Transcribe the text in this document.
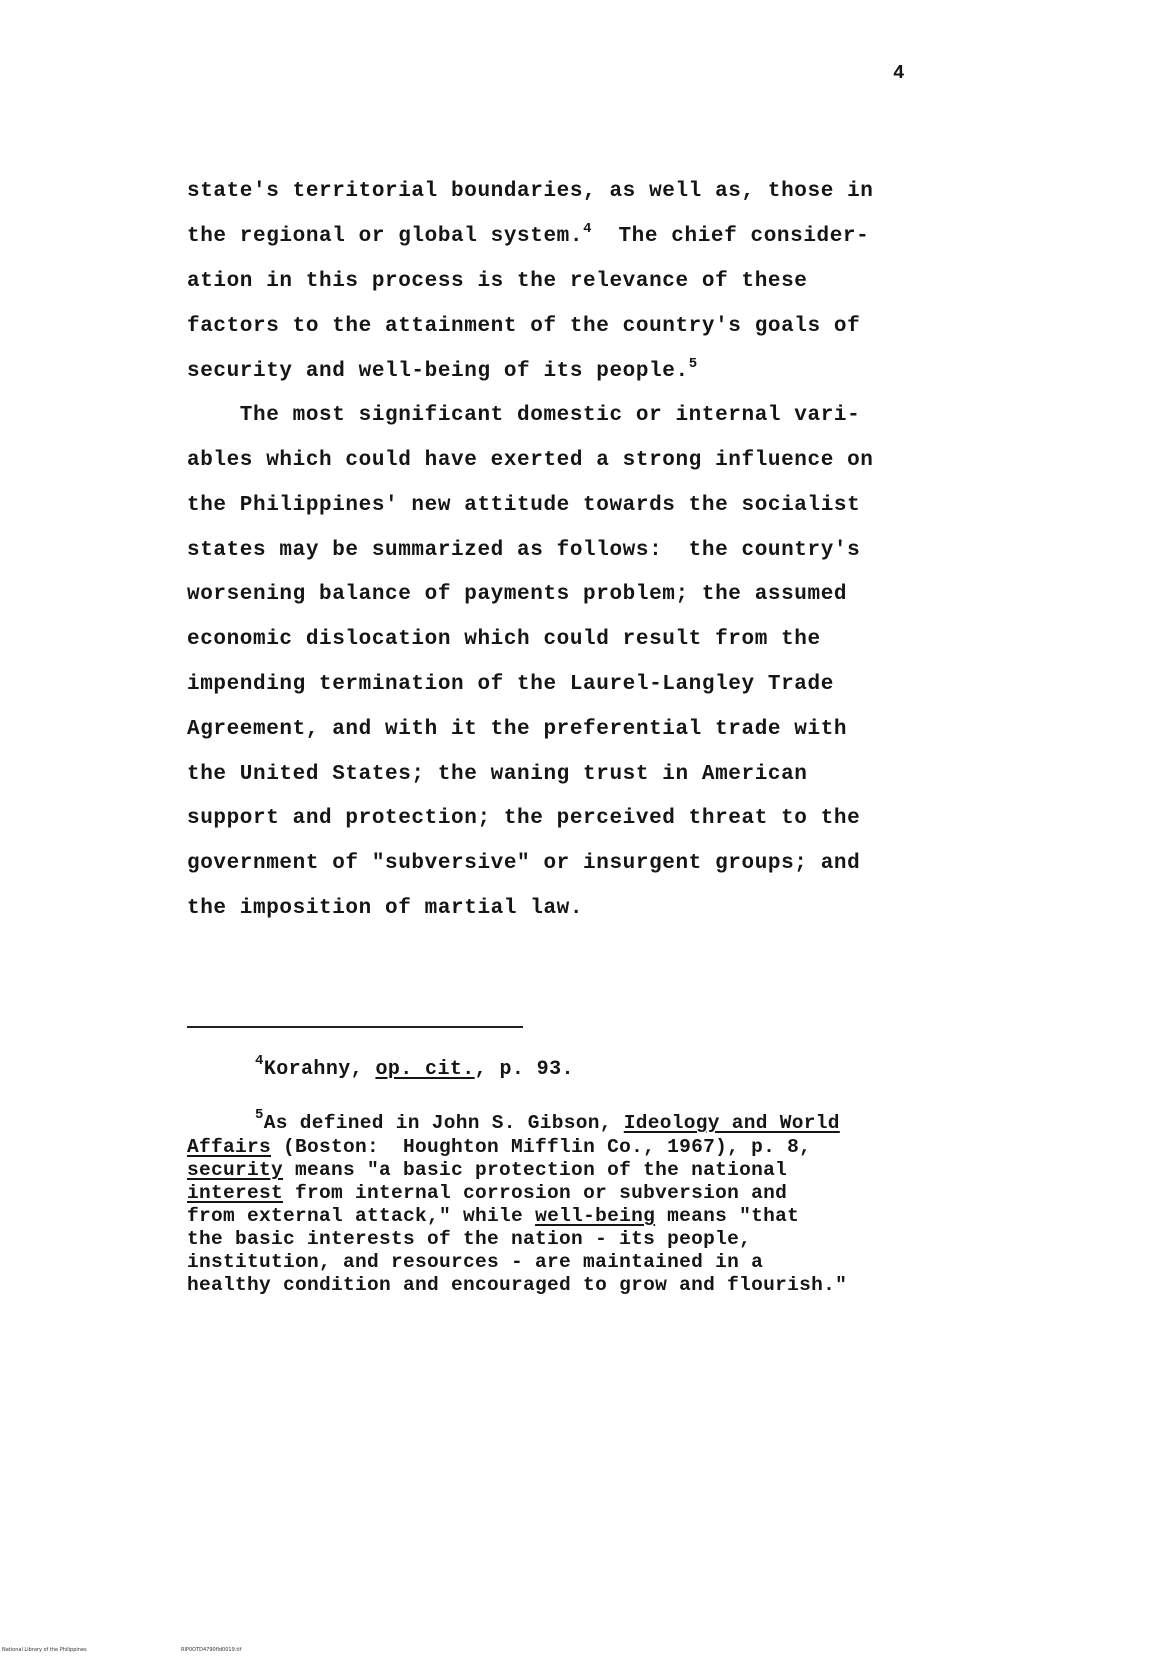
4
state's territorial boundaries, as well as, those in
the regional or global system.$^4$ The chief consider-
ation in this process is the relevance of these
factors to the attainment of the country's goals of
security and well-being of its people.$^5$
The most significant domestic or internal vari-
ables which could have exerted a strong influence on
the Philippines' new attitude towards the socialist
states may be summarized as follows:  the country's
worsening balance of payments problem; the assumed
economic dislocation which could result from the
impending termination of the Laurel-Langley Trade
Agreement, and with it the preferential trade with
the United States; the waning trust in American
support and protection; the perceived threat to the
government of "subversive" or insurgent groups; and
the imposition of martial law.
$^4$Korahny, op. cit., p. 93.
$^5$As defined in John S. Gibson, Ideology and World
Affairs (Boston:  Houghton Mifflin Co., 1967), p. 8,
security means "a basic protection of the national
interest from internal corrosion or subversion and
from external attack," while well-being means "that
the basic interests of the nation - its people,
institution, and resources - are maintained in a
healthy condition and encouraged to grow and flourish."
National Library of the Philippines	RIP0OTD4790fld0019.tif
